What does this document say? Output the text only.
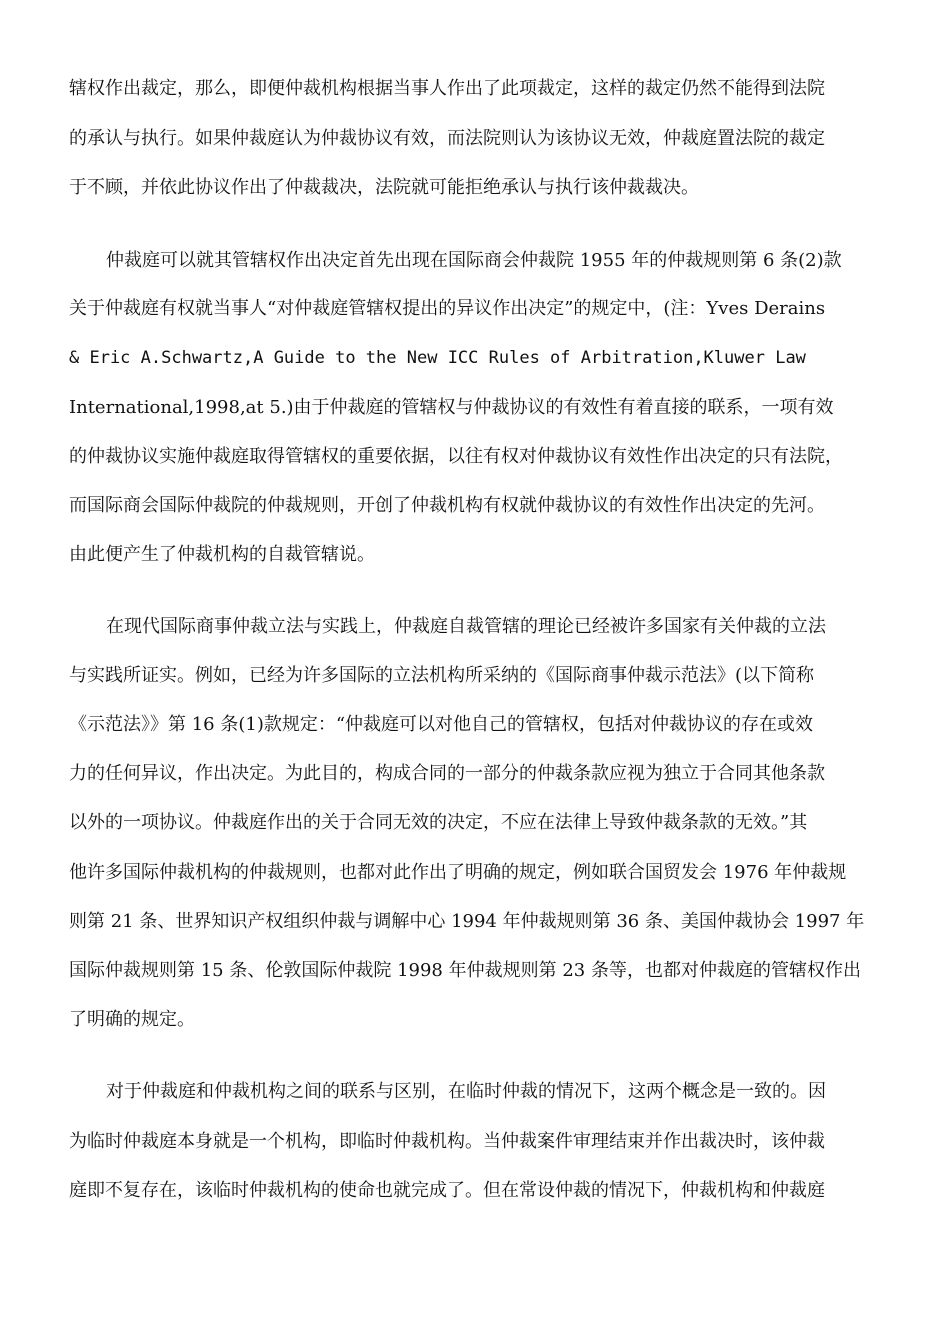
辖权作出裁定，那么，即便仲裁机构根据当事人作出了此项裁定，这样的裁定仍然不能得到法院
的承认与执行。如果仲裁庭认为仲裁协议有效，而法院则认为该协议无效，仲裁庭置法院的裁定
于不顾，并依此协议作出了仲裁裁决，法院就可能拒绝承认与执行该仲裁裁决。
仲裁庭可以就其管辖权作出决定首先出现在国际商会仲裁院 1955 年的仲裁规则第 6 条(2)款
关于仲裁庭有权就当事人“对仲裁庭管辖权提出的异议作出决定”的规定中，(注：Yves Derains
& Eric A.Schwartz,A Guide to the New ICC Rules of Arbitration,Kluwer Law
International,1998,at 5.)由于仲裁庭的管辖权与仲裁协议的有效性有着直接的联系，一项有效
的仲裁协议实施仲裁庭取得管辖权的重要依据，以往有权对仲裁协议有效性作出决定的只有法院，
而国际商会国际仲裁院的仲裁规则，开创了仲裁机构有权就仲裁协议的有效性作出决定的先河。
由此便产生了仲裁机构的自裁管辖说。
在现代国际商事仲裁立法与实践上，仲裁庭自裁管辖的理论已经被许多国家有关仲裁的立法
与实践所证实。例如，已经为许多国际的立法机构所采纳的《国际商事仲裁示范法》(以下简称
《示范法》》第 16 条(1)款规定：“仲裁庭可以对他自己的管辖权，包括对仲裁协议的存在或效
力的任何异议，作出决定。为此目的，构成合同的一部分的仲裁条款应视为独立于合同其他条款
以外的一项协议。仲裁庭作出的关于合同无效的决定，不应在法律上导致仲裁条款的无效。”其
他许多国际仲裁机构的仲裁规则，也都对此作出了明确的规定，例如联合国贸发会 1976 年仲裁规
则第 21 条、世界知识产权组织仲裁与调解中心 1994 年仲裁规则第 36 条、美国仲裁协会 1997 年
国际仲裁规则第 15 条、伦敦国际仲裁院 1998 年仲裁规则第 23 条等，也都对仲裁庭的管辖权作出
了明确的规定。
对于仲裁庭和仲裁机构之间的联系与区别，在临时仲裁的情况下，这两个概念是一致的。因
为临时仲裁庭本身就是一个机构，即临时仲裁机构。当仲裁案件审理结束并作出裁决时，该仲裁
庭即不复存在，该临时仲裁机构的使命也就完成了。但在常设仲裁的情况下，仲裁机构和仲裁庭
